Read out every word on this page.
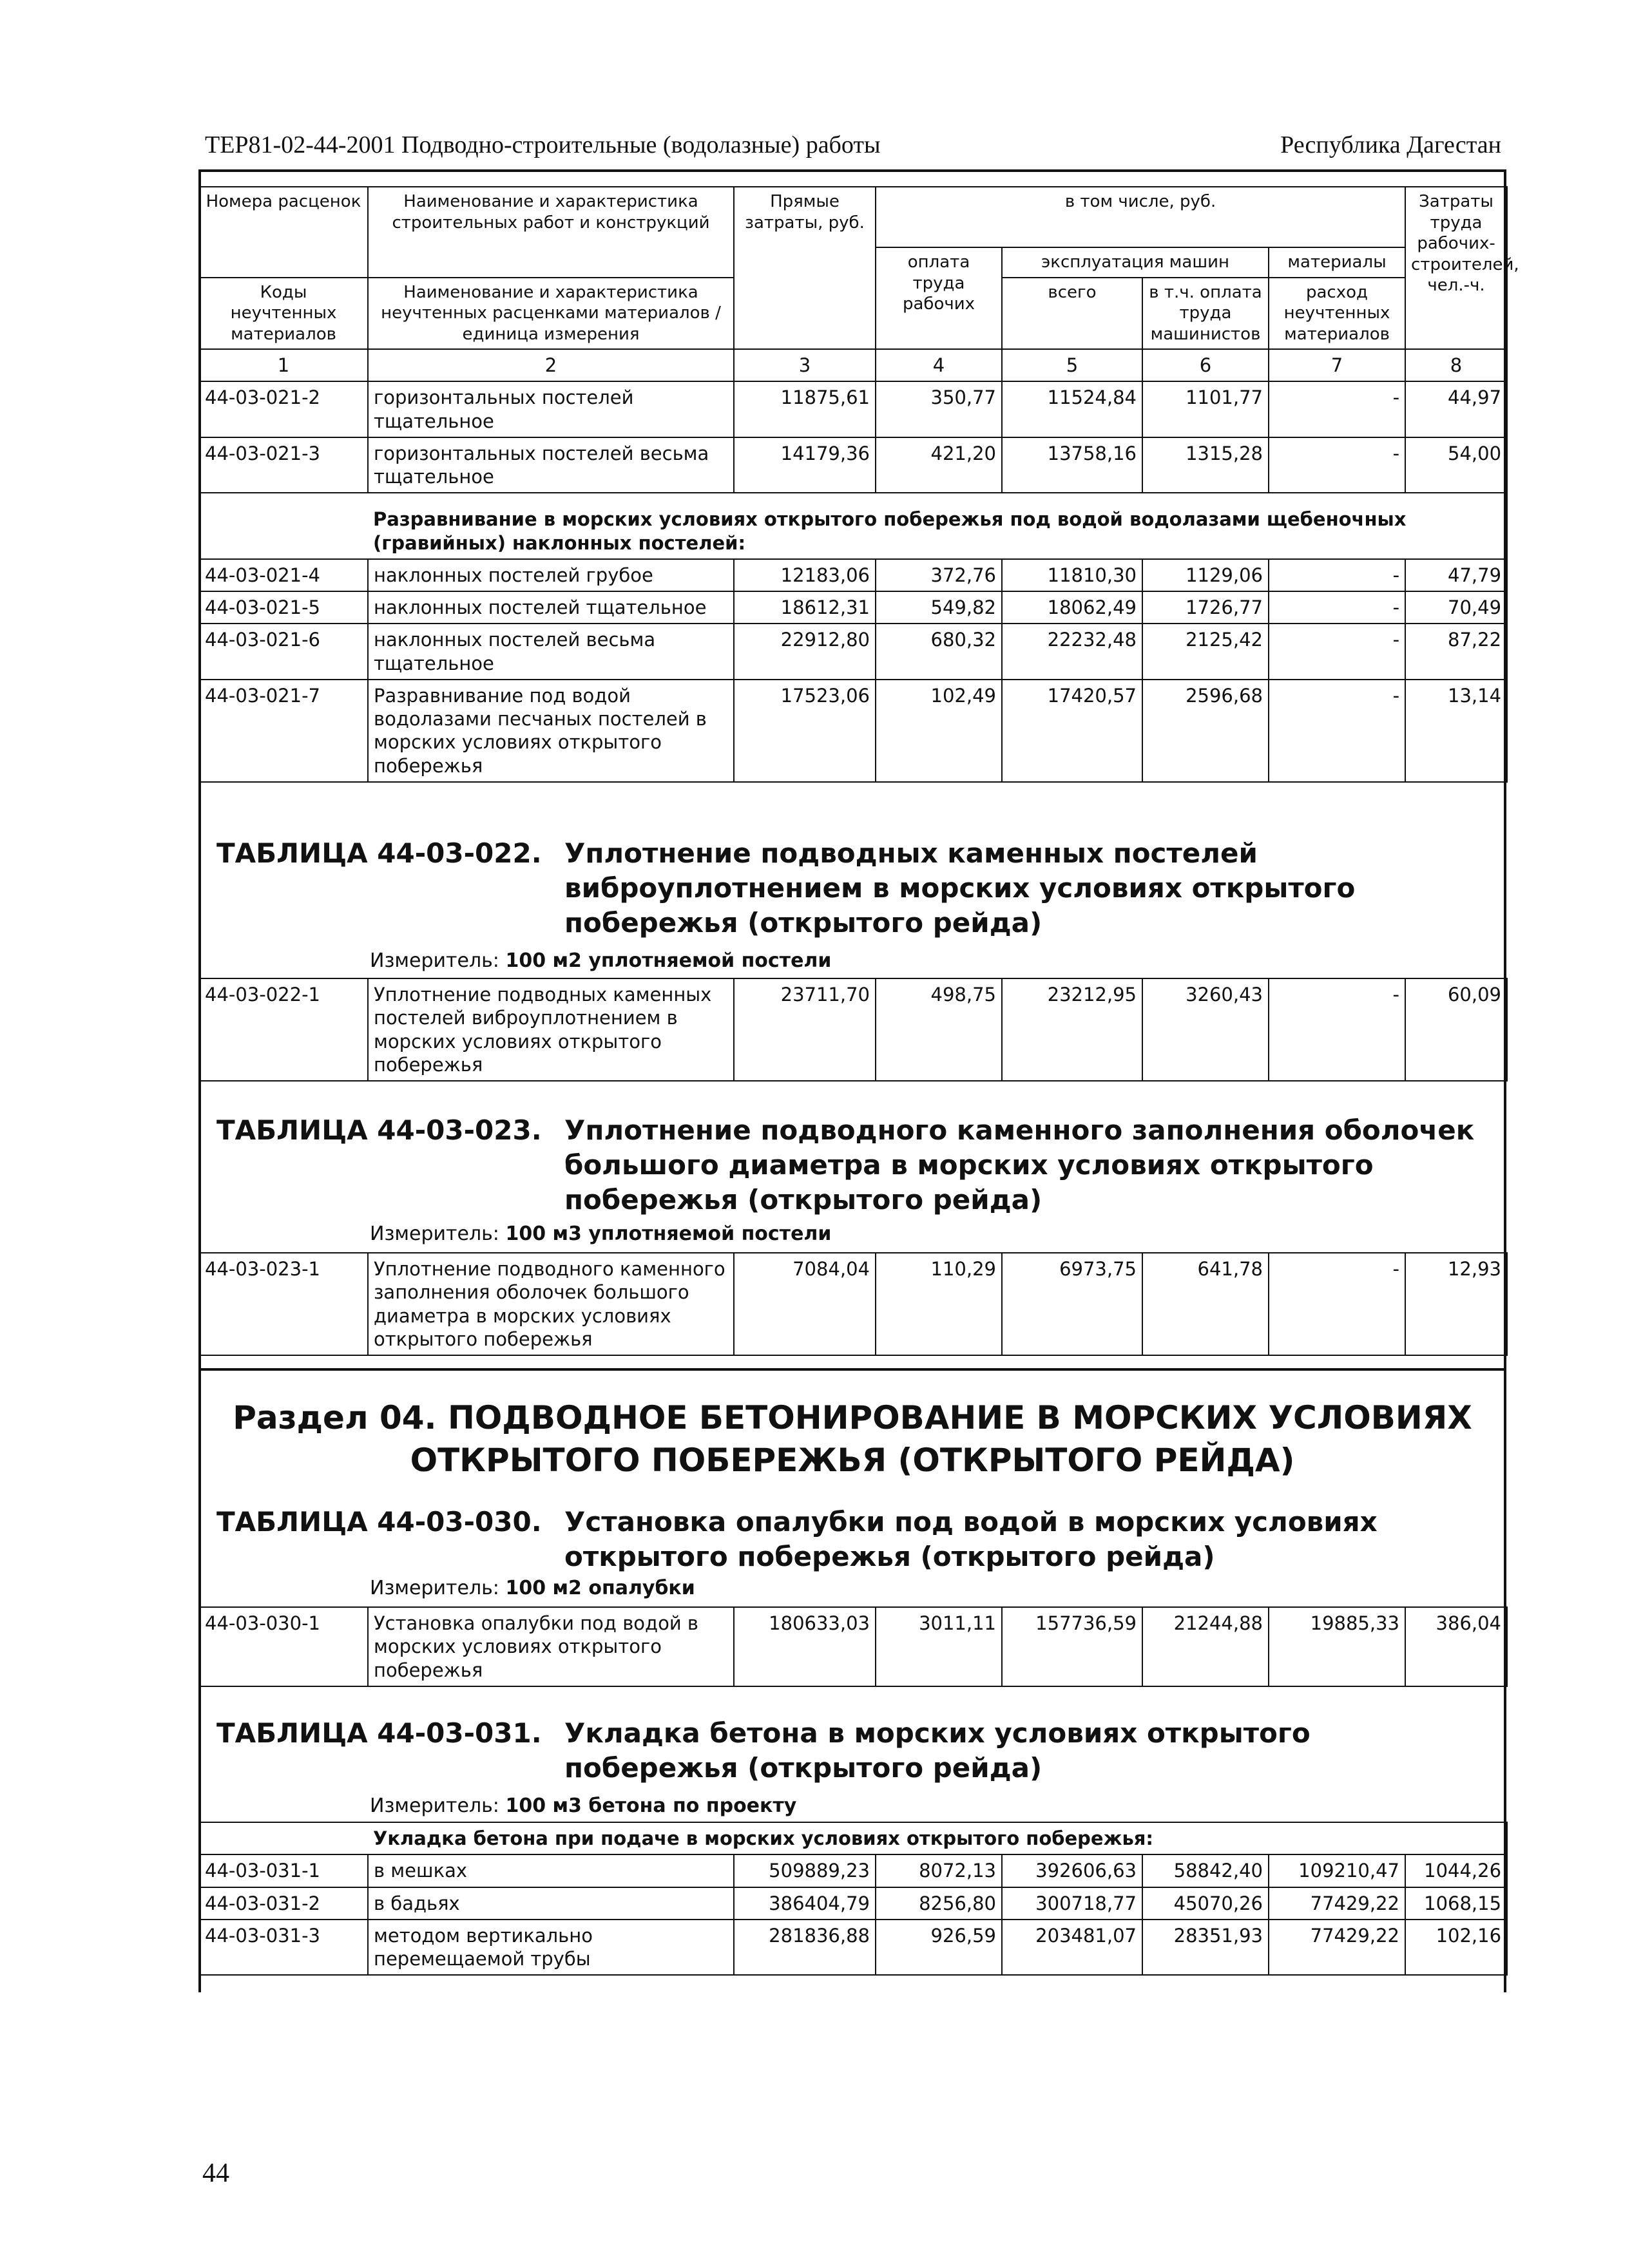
ТЕР81-02-44-2001 Подводно-строительные (водолазные) работы	Республика Дагестан
Номера расценок	Наименование и характеристика строительных работ и конструкций	Прямые затраты, руб.	в том числе, руб.				Затраты труда рабочих-строителей, чел.-ч.
			оплата труда рабочих	эксплуатация машин		материалы	
Коды неучтенных материалов	Наименование и характеристика неучтенных расценками материалов / единица измерения			всего	в т.ч. оплата труда машинистов	расход неучтенных материалов	

1	2	3	4	5	6	7	8
44-03-021-2	горизонтальных постелей тщательное	11875,61	350,77	11524,84	1101,77	-	44,97
44-03-021-3	горизонтальных постелей весьма тщательное	14179,36	421,20	13758,16	1315,28	-	54,00
	Разравнивание в морских условиях открытого побережья под водой водолазами щебеночных (гравийных) наклонных постелей:						
44-03-021-4	наклонных постелей грубое	12183,06	372,76	11810,30	1129,06	-	47,79
44-03-021-5	наклонных постелей тщательное	18612,31	549,82	18062,49	1726,77	-	70,49
44-03-021-6	наклонных постелей весьма тщательное	22912,80	680,32	22232,48	2125,42	-	87,22
44-03-021-7	Разравнивание под водой водолазами песчаных постелей в морских условиях открытого побережья	17523,06	102,49	17420,57	2596,68	-	13,14
ТАБЛИЦА 44-03-022. Уплотнение подводных каменных постелей виброуплотнением в морских условиях открытого побережья (открытого рейда)
Измеритель: 100 м2 уплотняемой постели
44-03-022-1	Уплотнение подводных каменных постелей виброуплотнением в морских условиях открытого побережья	23711,70	498,75	23212,95	3260,43	-	60,09
ТАБЛИЦА 44-03-023. Уплотнение подводного каменного заполнения оболочек большого диаметра в морских условиях открытого побережья (открытого рейда)
Измеритель: 100 м3 уплотняемой постели
44-03-023-1	Уплотнение подводного каменного заполнения оболочек большого диаметра в морских условиях открытого побережья	7084,04	110,29	6973,75	641,78	-	12,93
Раздел 04. ПОДВОДНОЕ БЕТОНИРОВАНИЕ В МОРСКИХ УСЛОВИЯХ
ОТКРЫТОГО ПОБЕРЕЖЬЯ (ОТКРЫТОГО РЕЙДА)
ТАБЛИЦА 44-03-030. Установка опалубки под водой в морских условиях открытого побережья (открытого рейда)
Измеритель: 100 м2 опалубки
44-03-030-1	Установка опалубки под водой в морских условиях открытого побережья	180633,03	3011,11	157736,59	21244,88	19885,33	386,04
ТАБЛИЦА 44-03-031. Укладка бетона в морских условиях открытого побережья (открытого рейда)
Измеритель: 100 м3 бетона по проекту
	Укладка бетона при подаче в морских условиях открытого побережья:						
44-03-031-1	в мешках	509889,23	8072,13	392606,63	58842,40	109210,47	1044,26
44-03-031-2	в бадьях	386404,79	8256,80	300718,77	45070,26	77429,22	1068,15
44-03-031-3	методом вертикально перемещаемой трубы	281836,88	926,59	203481,07	28351,93	77429,22	102,16
44
